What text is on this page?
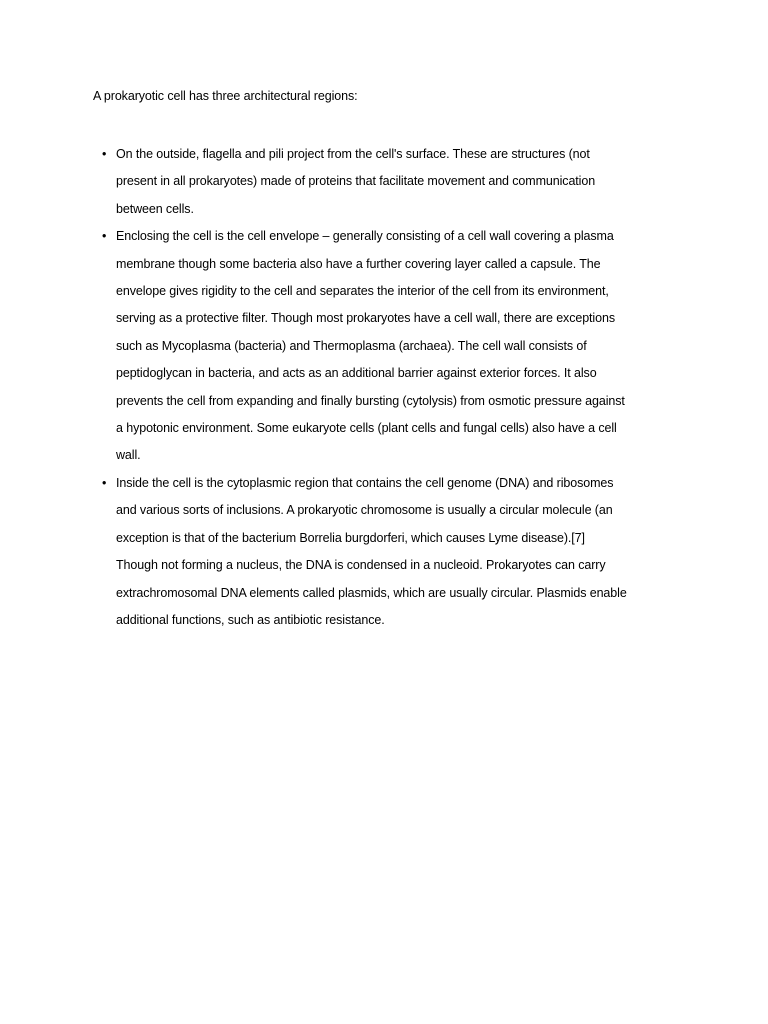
A prokaryotic cell has three architectural regions:

• On the outside, flagella and pili project from the cell's surface. These are structures (not present in all prokaryotes) made of proteins that facilitate movement and communication between cells.
• Enclosing the cell is the cell envelope – generally consisting of a cell wall covering a plasma membrane though some bacteria also have a further covering layer called a capsule. The envelope gives rigidity to the cell and separates the interior of the cell from its environment, serving as a protective filter. Though most prokaryotes have a cell wall, there are exceptions such as Mycoplasma (bacteria) and Thermoplasma (archaea). The cell wall consists of peptidoglycan in bacteria, and acts as an additional barrier against exterior forces. It also prevents the cell from expanding and finally bursting (cytolysis) from osmotic pressure against a hypotonic environment. Some eukaryote cells (plant cells and fungal cells) also have a cell wall.
• Inside the cell is the cytoplasmic region that contains the cell genome (DNA) and ribosomes and various sorts of inclusions. A prokaryotic chromosome is usually a circular molecule (an exception is that of the bacterium Borrelia burgdorferi, which causes Lyme disease).[7] Though not forming a nucleus, the DNA is condensed in a nucleoid. Prokaryotes can carry extrachromosomal DNA elements called plasmids, which are usually circular. Plasmids enable additional functions, such as antibiotic resistance.
